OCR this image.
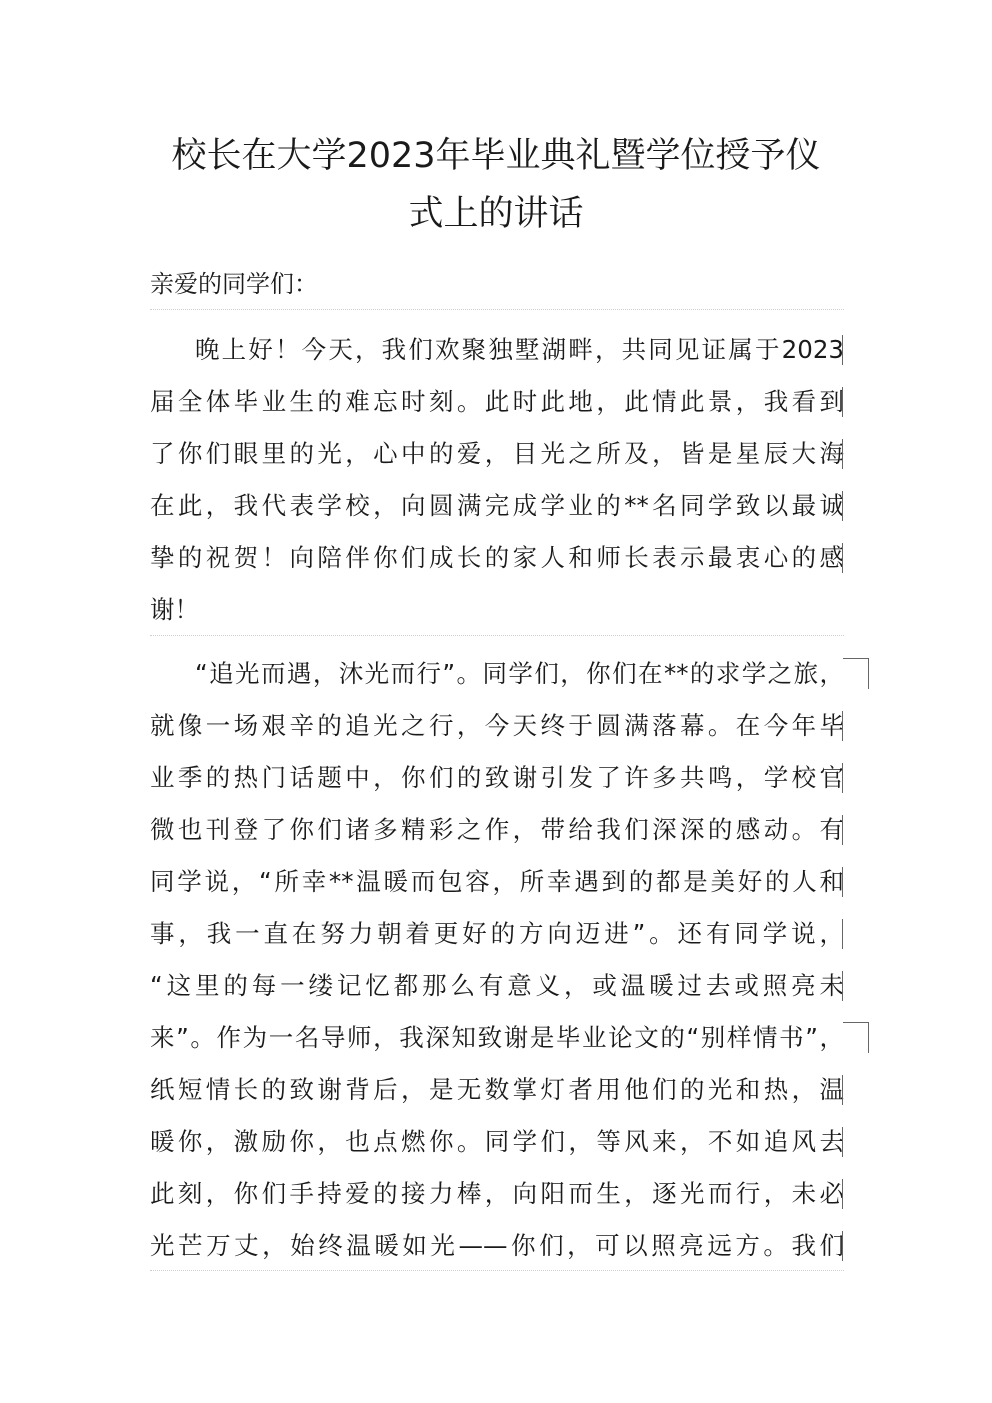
校长在大学2023年毕业典礼暨学位授予仪
式上的讲话

亲爱的同学们：

晚上好！今天，我们欢聚独墅湖畔，共同见证属于2023
届全体毕业生的难忘时刻。此时此地，此情此景，我看到
了你们眼里的光，心中的爱，目光之所及，皆是星辰大海
在此，我代表学校，向圆满完成学业的**名同学致以最诚
挚的祝贺！向陪伴你们成长的家人和师长表示最衷心的感
谢！
“追光而遇，沐光而行”。同学们，你们在**的求学之旅，
就像一场艰辛的追光之行，今天终于圆满落幕。在今年毕
业季的热门话题中，你们的致谢引发了许多共鸣，学校官
微也刊登了你们诸多精彩之作，带给我们深深的感动。有
同学说，“所幸**温暖而包容，所幸遇到的都是美好的人和
事，我一直在努力朝着更好的方向迈进”。还有同学说，
“这里的每一缕记忆都那么有意义，或温暖过去或照亮未
来”。作为一名导师，我深知致谢是毕业论文的“别样情书”，
纸短情长的致谢背后，是无数掌灯者用他们的光和热，温
暖你，激励你，也点燃你。同学们，等风来，不如追风去
此刻，你们手持爱的接力棒，向阳而生，逐光而行，未必
光芒万丈，始终温暖如光——你们，可以照亮远方。我们
